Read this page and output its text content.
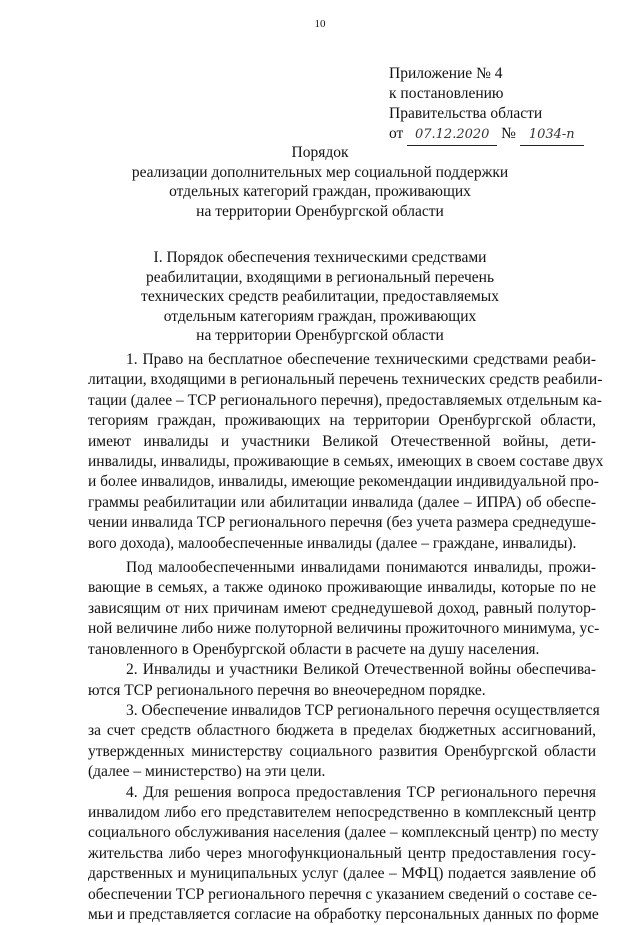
10
Приложение № 4
к постановлению
Правительства области
от 07.12.2020 № 1034-п
Порядок
реализации дополнительных мер социальной поддержки
отдельных категорий граждан, проживающих
на территории Оренбургской области
I. Порядок обеспечения техническими средствами
реабилитации, входящими в региональный перечень
технических средств реабилитации, предоставляемых
отдельным категориям граждан, проживающих
на территории Оренбургской области
1. Право на бесплатное обеспечение техническими средствами реаби-
литации, входящими в региональный перечень технических средств реабили-
тации (далее – ТСР регионального перечня), предоставляемых отдельным ка-
тегориям граждан, проживающих на территории Оренбургской области,
имеют инвалиды и участники Великой Отечественной войны, дети-
инвалиды, инвалиды, проживающие в семьях, имеющих в своем составе двух
и более инвалидов, инвалиды, имеющие рекомендации индивидуальной про-
граммы реабилитации или абилитации инвалида (далее – ИПРА) об обеспе-
чении инвалида ТСР регионального перечня (без учета размера среднедуше-
вого дохода), малообеспеченные инвалиды (далее – граждане, инвалиды).
Под малообеспеченными инвалидами понимаются инвалиды, прожи-
вающие в семьях, а также одиноко проживающие инвалиды, которые по не
зависящим от них причинам имеют среднедушевой доход, равный полутор-
ной величине либо ниже полуторной величины прожиточного минимума, ус-
тановленного в Оренбургской области в расчете на душу населения.
2. Инвалиды и участники Великой Отечественной войны обеспечива-
ются ТСР регионального перечня во внеочередном порядке.
3. Обеспечение инвалидов ТСР регионального перечня осуществляется
за счет средств областного бюджета в пределах бюджетных ассигнований,
утвержденных министерству социального развития Оренбургской области
(далее – министерство) на эти цели.
4. Для решения вопроса предоставления ТСР регионального перечня
инвалидом либо его представителем непосредственно в комплексный центр
социального обслуживания населения (далее – комплексный центр) по месту
жительства либо через многофункциональный центр предоставления госу-
дарственных и муниципальных услуг (далее – МФЦ) подается заявление об
обеспечении ТСР регионального перечня с указанием сведений о составе се-
мьи и представляется согласие на обработку персональных данных по форме
